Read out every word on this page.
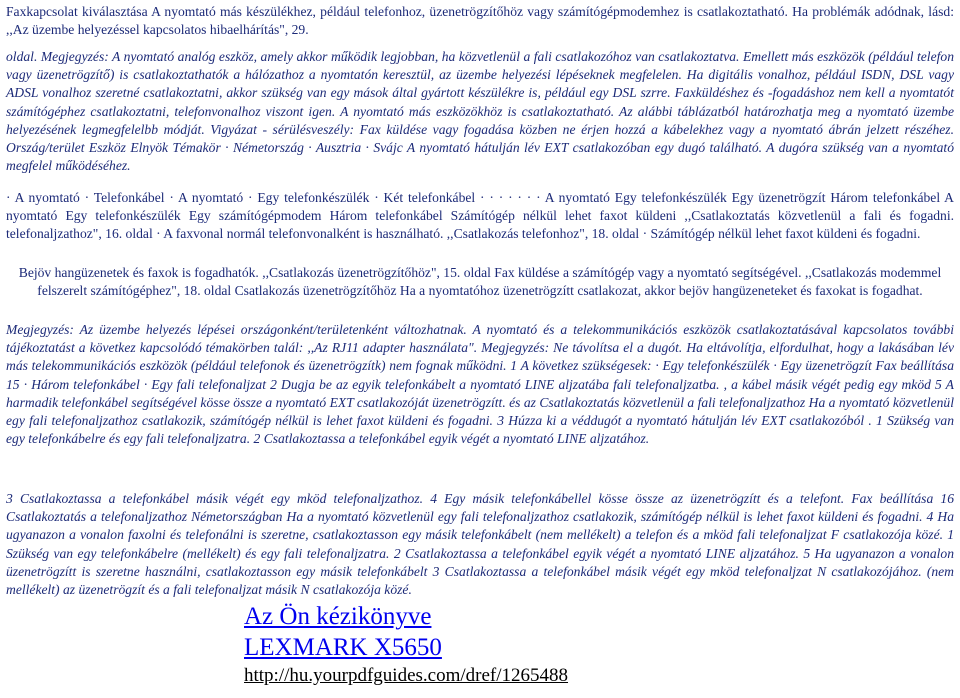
Faxkapcsolat kiválasztása A nyomtató más készülékhez, például telefonhoz, üzenetrögzítőhöz vagy számítógépmodemhez is csatlakoztatható. Ha problémák adódnak, lásd: ,,Az üzembe helyezéssel kapcsolatos hibaelhárítás", 29.

oldal. Megjegyzés: A nyomtató analóg eszköz, amely akkor működik legjobban, ha közvetlenül a fali csatlakozóhoz van csatlakoztatva. Emellett más eszközök (például telefon vagy üzenetrögzítő) is csatlakoztathatók a hálózathoz a nyomtatón keresztül, az üzembe helyezési lépéseknek megfelelen. Ha digitális vonalhoz, például ISDN, DSL vagy ADSL vonalhoz szeretné csatlakoztatni, akkor szükség van egy mások által gyártott készülékre is, például egy DSL szrre. Faxküldéshez és -fogadáshoz nem kell a nyomtatót számítógéphez csatlakoztatni, telefonvonalhoz viszont igen. A nyomtató más eszközökhöz is csatlakoztatható. Az alábbi táblázatból határozhatja meg a nyomtató üzembe helyezésének legmegfelelbb módját. Vigyázat - sérülésveszély: Fax küldése vagy fogadása közben ne érjen hozzá a kábelekhez vagy a nyomtató ábrán jelzett részéhez. Ország/terület Eszköz Elnyök Témakör · Németország · Ausztria · Svájc A nyomtató hátulján lév EXT csatlakozóban egy dugó található. A dugóra szükség van a nyomtató megfelel működéséhez.

· A nyomtató · Telefonkábel · A nyomtató · Egy telefonkészülék · Két telefonkábel · · · · · · · A nyomtató Egy telefonkészülék Egy üzenetrögzít Három telefonkábel A nyomtató Egy telefonkészülék Egy számítógépmodem Három telefonkábel Számítógép nélkül lehet faxot küldeni ,,Csatlakoztatás közvetlenül a fali és fogadni. telefonaljzathoz", 16. oldal · A faxvonal normál telefonvonalként is használható. ,,Csatlakozás telefonhoz", 18. oldal · Számítógép nélkül lehet faxot küldeni és fogadni.

Bejöv hangüzenetek és faxok is fogadhatók. ,,Csatlakozás üzenetrögzítőhöz", 15. oldal Fax küldése a számítógép vagy a nyomtató segítségével. ,,Csatlakozás modemmel felszerelt számítógéphez", 18. oldal Csatlakozás üzenetrögzítőhöz Ha a nyomtatóhoz üzenetrögzítt csatlakozat, akkor bejöv hangüzeneteket és faxokat is fogadhat.

Megjegyzés: Az üzembe helyezés lépései országonként/területenként változhatnak. A nyomtató és a telekommunikációs eszközök csatlakoztatásával kapcsolatos további tájékoztatást a következ kapcsolódó témakörben talál: ,,Az RJ11 adapter használata". Megjegyzés: Ne távolítsa el a dugót. Ha eltávolítja, elfordulhat, hogy a lakásában lév más telekommunikációs eszközök (például telefonok és üzenetrögzítk) nem fognak működni. 1 A következ szükségesek: · Egy telefonkészülék · Egy üzenetrögzít Fax beállítása 15 · Három telefonkábel · Egy fali telefonaljzat 2 Dugja be az egyik telefonkábelt a nyomtató LINE aljzatába fali telefonaljzatba. , a kábel másik végét pedig egy mköd 5 A harmadik telefonkábel segítségével kösse össze a nyomtató EXT csatlakozóját üzenetrögzítt. és az Csatlakoztatás közvetlenül a fali telefonaljzathoz Ha a nyomtató közvetlenül egy fali telefonaljzathoz csatlakozik, számítógép nélkül is lehet faxot küldeni és fogadni. 3 Húzza ki a véddugót a nyomtató hátulján lév EXT csatlakozóból . 1 Szükség van egy telefonkábelre és egy fali telefonaljzatra. 2 Csatlakoztassa a telefonkábel egyik végét a nyomtató LINE aljzatához.

3 Csatlakoztassa a telefonkábel másik végét egy mköd telefonaljzathoz. 4 Egy másik telefonkábellel kösse össze az üzenetrögzítt és a telefont. Fax beállítása 16 Csatlakoztatás a telefonaljzathoz Németországban Ha a nyomtató közvetlenül egy fali telefonaljzathoz csatlakozik, számítógép nélkül is lehet faxot küldeni és fogadni. 4 Ha ugyanazon a vonalon faxolni és telefonálni is szeretne, csatlakoztasson egy másik telefonkábelt (nem mellékelt) a telefon és a mköd fali telefonaljzat F csatlakozója közé. 1 Szükség van egy telefonkábelre (mellékelt) és egy fali telefonaljzatra. 2 Csatlakoztassa a telefonkábel egyik végét a nyomtató LINE aljzatához. 5 Ha ugyanazon a vonalon üzenetrögzítt is szeretne használni, csatlakoztasson egy másik telefonkábelt 3 Csatlakoztassa a telefonkábel másik végét egy mköd telefonaljzat N csatlakozójához. (nem mellékelt) az üzenetrögzít és a fali telefonaljzat másik N csatlakozója közé.

Az Ön kézikönyve
LEXMARK X5650
http://hu.yourpdfguides.com/dref/1265488
